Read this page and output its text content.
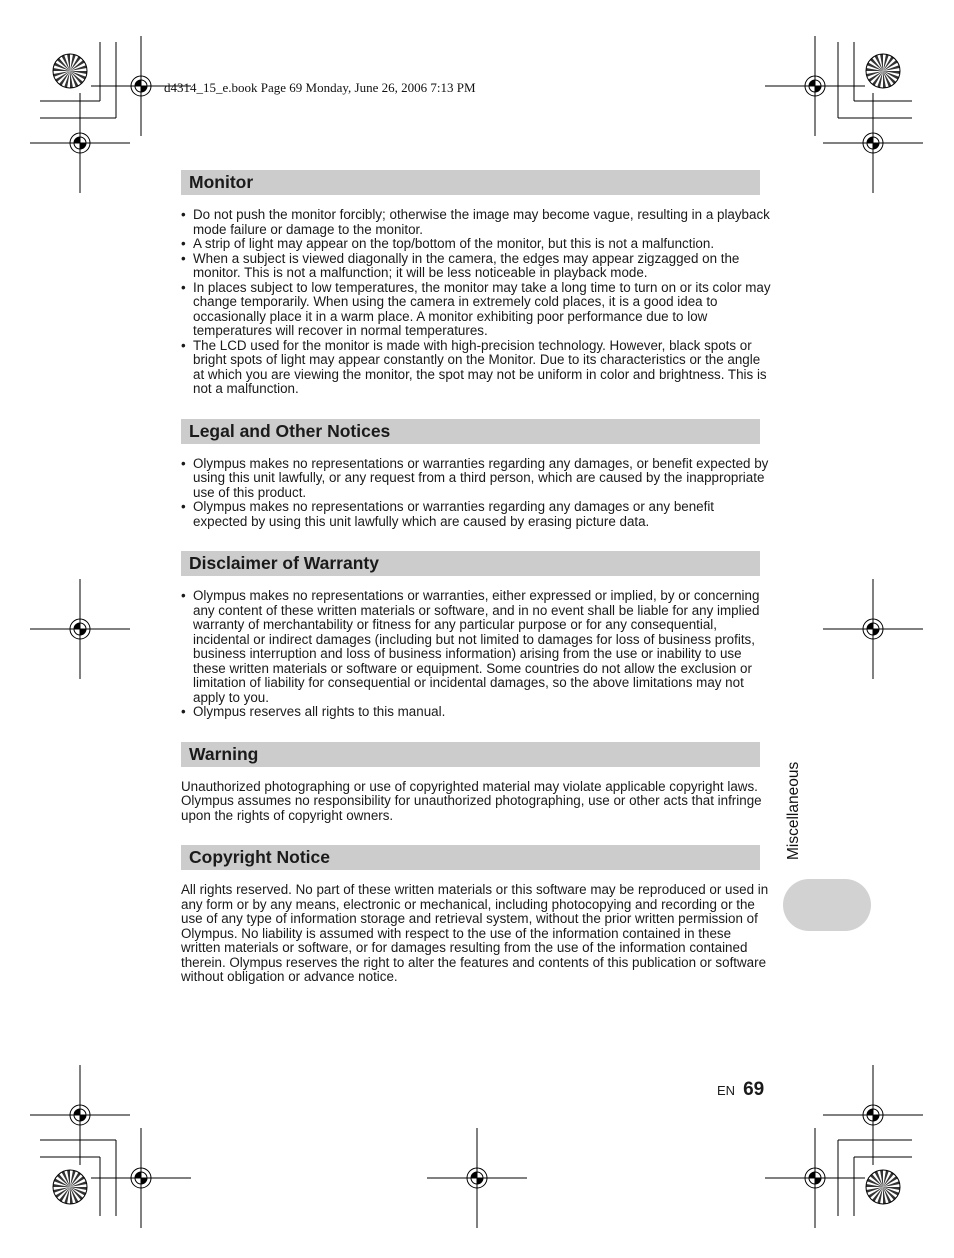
d4314_15_e.book Page 69 Monday, June 26, 2006 7:13 PM
Monitor
• Do not push the monitor forcibly; otherwise the image may become vague, resulting in a playback mode failure or damage to the monitor.
• A strip of light may appear on the top/bottom of the monitor, but this is not a malfunction.
• When a subject is viewed diagonally in the camera, the edges may appear zigzagged on the monitor. This is not a malfunction; it will be less noticeable in playback mode.
• In places subject to low temperatures, the monitor may take a long time to turn on or its color may change temporarily. When using the camera in extremely cold places, it is a good idea to occasionally place it in a warm place. A monitor exhibiting poor performance due to low temperatures will recover in normal temperatures.
• The LCD used for the monitor is made with high-precision technology. However, black spots or bright spots of light may appear constantly on the Monitor. Due to its characteristics or the angle at which you are viewing the monitor, the spot may not be uniform in color and brightness. This is not a malfunction.
Legal and Other Notices
• Olympus makes no representations or warranties regarding any damages, or benefit expected by using this unit lawfully, or any request from a third person, which are caused by the inappropriate use of this product.
• Olympus makes no representations or warranties regarding any damages or any benefit expected by using this unit lawfully which are caused by erasing picture data.
Disclaimer of Warranty
• Olympus makes no representations or warranties, either expressed or implied, by or concerning any content of these written materials or software, and in no event shall be liable for any implied warranty of merchantability or fitness for any particular purpose or for any consequential, incidental or indirect damages (including but not limited to damages for loss of business profits, business interruption and loss of business information) arising from the use or inability to use these written materials or software or equipment. Some countries do not allow the exclusion or limitation of liability for consequential or incidental damages, so the above limitations may not apply to you.
• Olympus reserves all rights to this manual.
Warning

Unauthorized photographing or use of copyrighted material may violate applicable copyright laws. Olympus assumes no responsibility for unauthorized photographing, use or other acts that infringe upon the rights of copyright owners.

Copyright Notice

All rights reserved. No part of these written materials or this software may be reproduced or used in any form or by any means, electronic or mechanical, including photocopying and recording or the use of any type of information storage and retrieval system, without the prior written permission of Olympus. No liability is assumed with respect to the use of the information contained in these written materials or software, or for damages resulting from the use of the information contained therein. Olympus reserves the right to alter the features and contents of this publication or software without obligation or advance notice.

Miscellaneous
EN 69
